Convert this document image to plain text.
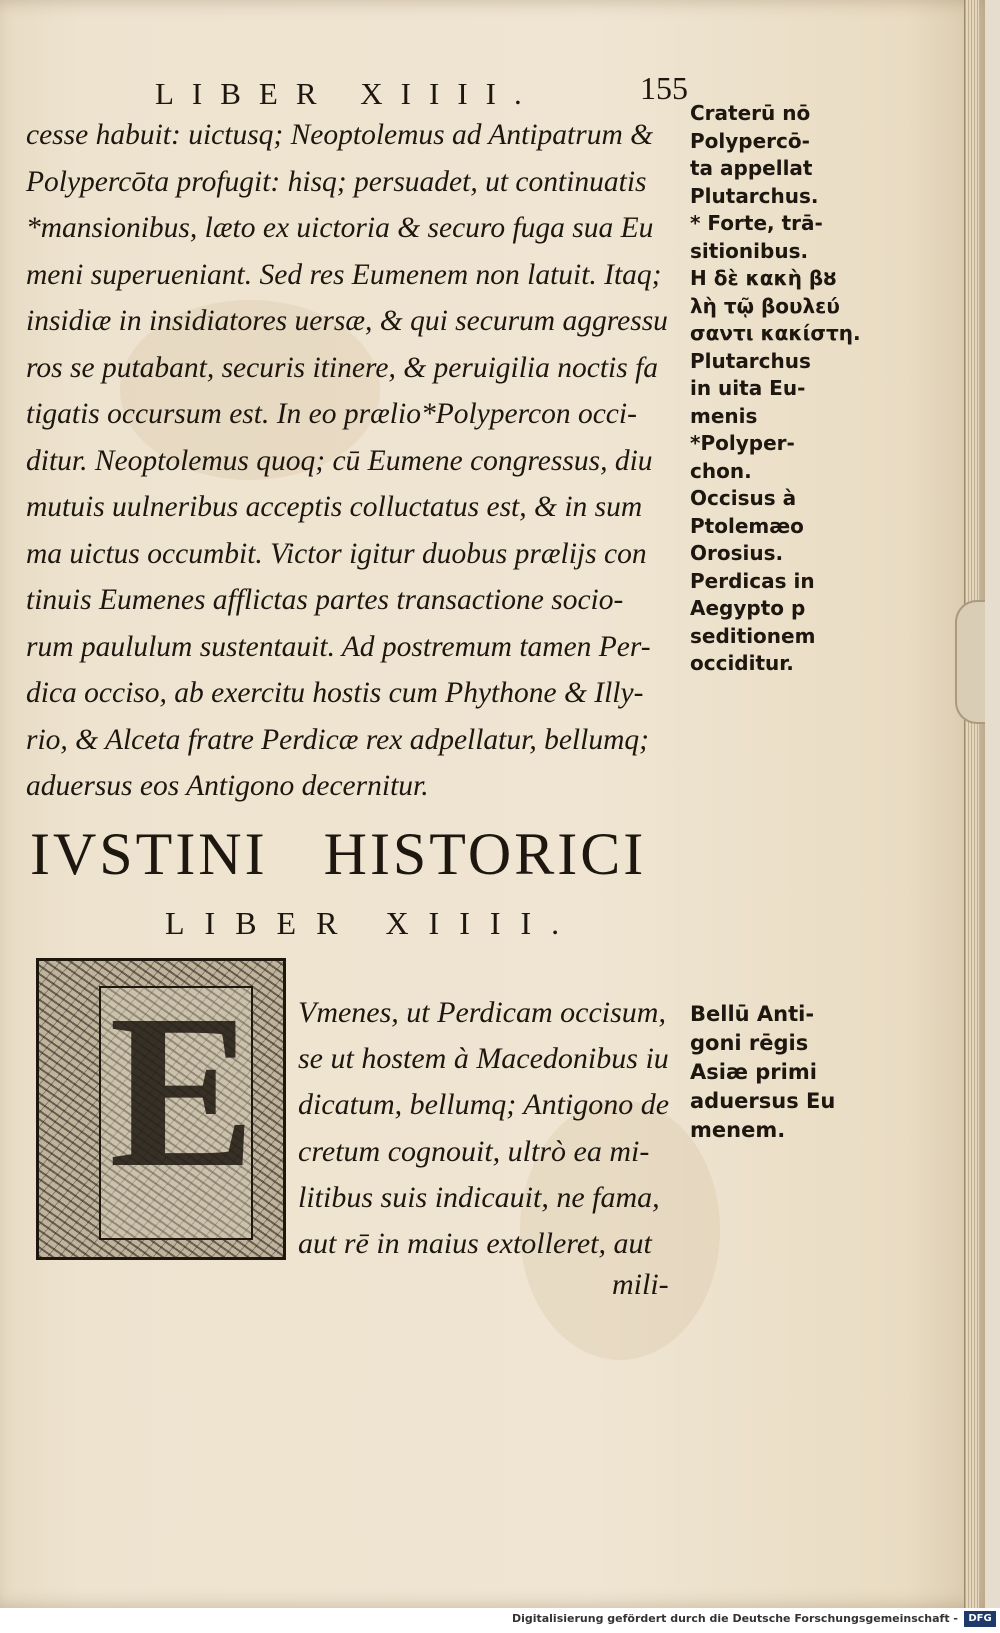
LIBER XIIII.	155
cesse habuit: uictusq; Neoptolemus ad Antipatrum &
Polypercōta profugit: hisq; persuadet, ut continuatis
*mansionibus, læto ex uictoria & securo fuga sua Eu
meni superueniant. Sed res Eumenem non latuit. Itaq;
insidiæ in insidiatores uersæ, & qui securum aggressu
ros se putabant, securis itinere, & peruigilia noctis fa
tigatis occursum est. In eo prælio*Polypercon occi-
ditur. Neoptolemus quoq; cū Eumene congressus, diu
mutuis uulneribus acceptis colluctatus est, & in sum
ma uictus occumbit. Victor igitur duobus prælijs con
tinuis Eumenes afflictas partes transactione socio-
rum paululum sustentauit. Ad postremum tamen Per-
dica occiso, ab exercitu hostis cum Phythone & Illy-
rio, & Alceta fratre Perdicæ rex adpellatur, bellumq;
aduersus eos Antigono decernitur.
Craterū nō
Polypercō-
ta appellat
Plutarchus.
* Forte, trā-
sitionibus.
Η δὲ κακὴ βȣ
λὴ τῷ βουλεύ
σαντι κακίστη.
Plutarchus
in uita Eu-
menis
*Polyper-
chon.
Occisus à
Ptolemæo
Orosius.
Perdicas in
Aegypto p
seditionem
occiditur.
IVSTINI HISTORICI
LIBER XIIII.
E Vmenes, ut Perdicam occisum,
se ut hostem à Macedonibus iu
dicatum, bellumq; Antigono de
cretum cognouit, ultrò ea mi-
litibus suis indicauit, ne fama,
aut rē in maius extolleret, aut
mili-
Bellū Anti-
goni rēgis
Asiæ primi
aduersus Eu
menem.
Digitalisierung gefördert durch die Deutsche Forschungsgemeinschaft -	DFG
